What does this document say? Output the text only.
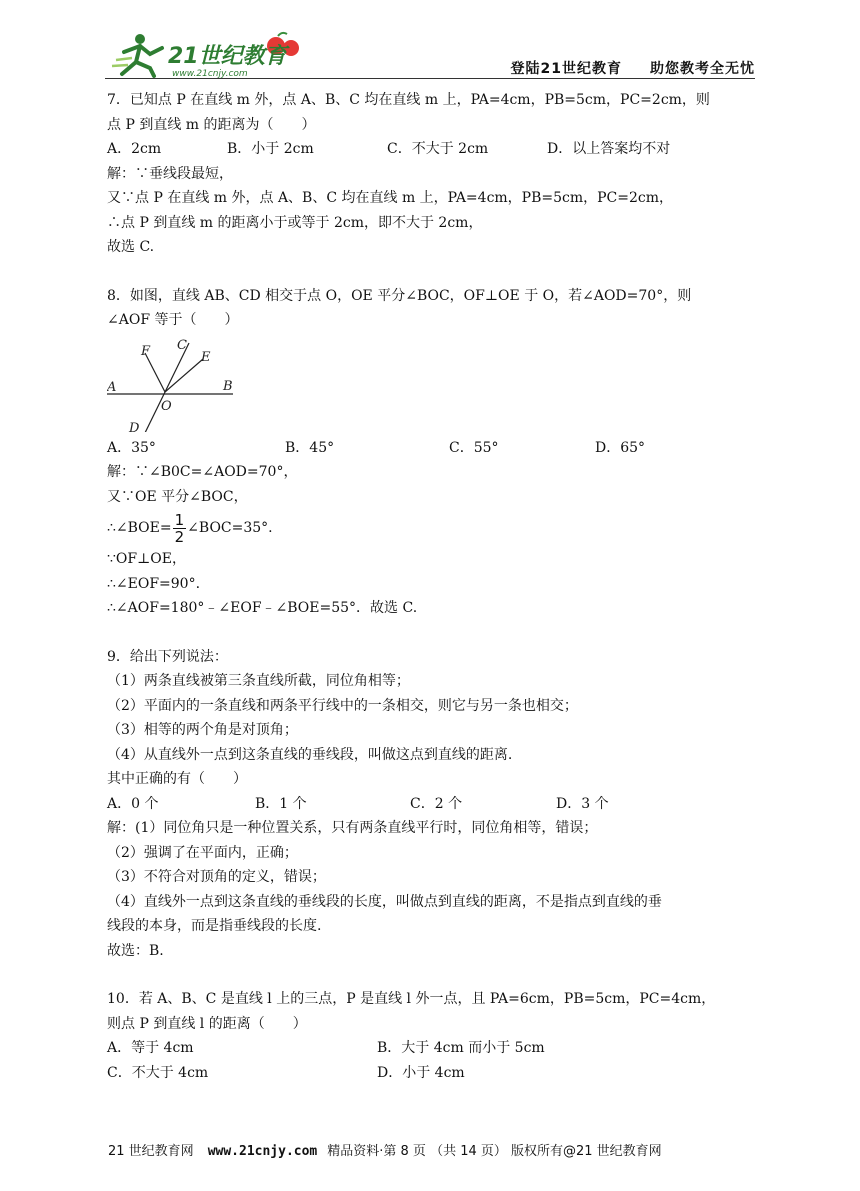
21世纪教育
www.21cnjy.com	登陆21世纪教育 助您教考全无忧
7．已知点 P 在直线 m 外，点 A、B、C 均在直线 m 上，PA=4cm，PB=5cm，PC=2cm，则
点 P 到直线 m 的距离为（　　）
A．2cm	B．小于 2cm	C．不大于 2cm	D．以上答案均不对
解：∵垂线段最短，
又∵点 P 在直线 m 外，点 A、B、C 均在直线 m 上，PA=4cm，PB=5cm，PC=2cm，
∴点 P 到直线 m 的距离小于或等于 2cm，即不大于 2cm，
故选 C.
8．如图，直线 AB、CD 相交于点 O，OE 平分∠BOC，OF⊥OE 于 O，若∠AOD=70°，则
∠AOF 等于（　　）
A	B
C
D
E
F
O
A．35°	B．45°	C．55°	D．65°
解：∵∠B0C=∠AOD=70°，
又∵OE 平分∠BOC，
∴∠BOE= $\frac{1}{2}$ ∠BOC=35°.
∵OF⊥OE，
∴∠EOF=90°.
∴∠AOF=180°﹣∠EOF﹣∠BOE=55°．故选 C.
9．给出下列说法：
（1）两条直线被第三条直线所截，同位角相等；
（2）平面内的一条直线和两条平行线中的一条相交，则它与另一条也相交；
（3）相等的两个角是对顶角；
（4）从直线外一点到这条直线的垂线段，叫做这点到直线的距离.
其中正确的有（　　）
A．0 个	B．1 个	C．2 个	D．3 个
解：(1）同位角只是一种位置关系，只有两条直线平行时，同位角相等，错误；
（2）强调了在平面内，正确；
（3）不符合对顶角的定义，错误；
（4）直线外一点到这条直线的垂线段的长度，叫做点到直线的距离，不是指点到直线的垂
线段的本身，而是指垂线段的长度.
故选：B.
10．若 A、B、C 是直线 l 上的三点，P 是直线 l 外一点，且 PA=6cm，PB=5cm，PC=4cm，
则点 P 到直线 l 的距离（　　）
A．等于 4cm	B．大于 4cm 而小于 5cm
C．不大于 4cm	D．小于 4cm
21 世纪教育网 www.21cnjy.com 精品资料·第 8 页 （共 14 页） 版权所有@21 世纪教育网
